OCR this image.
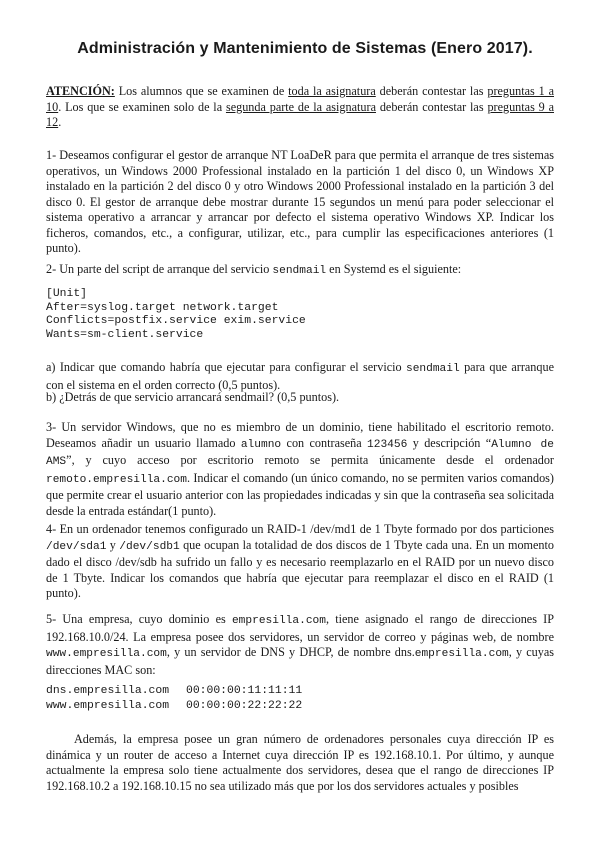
Administración y Mantenimiento de Sistemas (Enero 2017).

ATENCIÓN: Los alumnos que se examinen de toda la asignatura deberán contestar las preguntas 1 a 10. Los que se examinen solo de la segunda parte de la asignatura deberán contestar las preguntas 9 a 12.

1- Deseamos configurar el gestor de arranque NT LoaDeR para que permita el arranque de tres sistemas operativos, un Windows 2000 Professional instalado en la partición 1 del disco 0, un Windows XP instalado en la partición 2 del disco 0 y otro Windows 2000 Professional instalado en la partición 3 del disco 0. El gestor de arranque debe mostrar durante 15 segundos un menú para poder seleccionar el sistema operativo a arrancar y arrancar por defecto el sistema operativo Windows XP. Indicar los ficheros, comandos, etc., a configurar, utilizar, etc., para cumplir las especificaciones anteriores (1 punto).

2- Un parte del script de arranque del servicio sendmail en Systemd es el siguiente:

[Unit]
After=syslog.target network.target
Conflicts=postfix.service exim.service
Wants=sm-client.service

a) Indicar que comando habría que ejecutar para configurar el servicio sendmail para que arranque con el sistema en el orden correcto (0,5 puntos).

b) ¿Detrás de que servicio arrancará sendmail? (0,5 puntos).

3- Un servidor Windows, que no es miembro de un dominio, tiene habilitado el escritorio remoto. Deseamos añadir un usuario llamado alumno con contraseña 123456 y descripción “Alumno de AMS”, y cuyo acceso por escritorio remoto se permita únicamente desde el ordenador remoto.empresilla.com. Indicar el comando (un único comando, no se permiten varios comandos) que permite crear el usuario anterior con las propiedades indicadas y sin que la contraseña sea solicitada desde la entrada estándar(1 punto).

4- En un ordenador tenemos configurado un RAID-1 /dev/md1 de 1 Tbyte formado por dos particiones /dev/sda1 y /dev/sdb1 que ocupan la totalidad de dos discos de 1 Tbyte cada una. En un momento dado el disco /dev/sdb ha sufrido un fallo y es necesario reemplazarlo en el RAID por un nuevo disco de 1 Tbyte. Indicar los comandos que habría que ejecutar para reemplazar el disco en el RAID (1 punto).

5- Una empresa, cuyo dominio es empresilla.com, tiene asignado el rango de direcciones IP 192.168.10.0/24. La empresa posee dos servidores, un servidor de correo y páginas web, de nombre www.empresilla.com, y un servidor de DNS y DHCP, de nombre dns.empresilla.com, y cuyas direcciones MAC son:

dns.empresilla.com	00:00:00:11:11:11
www.empresilla.com	00:00:00:22:22:22

Además, la empresa posee un gran número de ordenadores personales cuya dirección IP es dinámica y un router de acceso a Internet cuya dirección IP es 192.168.10.1. Por último, y aunque actualmente la empresa solo tiene actualmente dos servidores, desea que el rango de direcciones IP 192.168.10.2 a 192.168.10.15 no sea utilizado más que por los dos servidores actuales y posibles
